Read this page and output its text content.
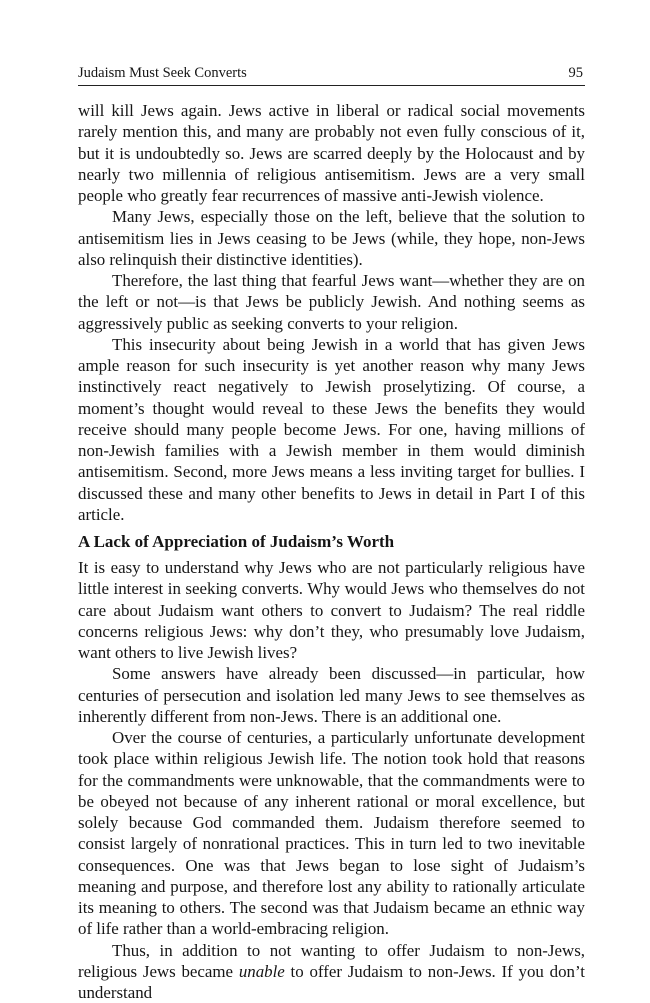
Judaism Must Seek Converts	95

will kill Jews again. Jews active in liberal or radical social movements rarely mention this, and many are probably not even fully conscious of it, but it is undoubtedly so. Jews are scarred deeply by the Holocaust and by nearly two millennia of religious antisemitism. Jews are a very small people who greatly fear recurrences of massive anti-Jewish violence.

Many Jews, especially those on the left, believe that the solution to antisemitism lies in Jews ceasing to be Jews (while, they hope, non-Jews also relinquish their distinctive identities).

Therefore, the last thing that fearful Jews want—whether they are on the left or not—is that Jews be publicly Jewish. And nothing seems as aggressively public as seeking converts to your religion.

This insecurity about being Jewish in a world that has given Jews ample reason for such insecurity is yet another reason why many Jews instinctively react negatively to Jewish proselytizing. Of course, a moment’s thought would reveal to these Jews the benefits they would receive should many people become Jews. For one, having millions of non-Jewish families with a Jewish member in them would diminish antisemitism. Second, more Jews means a less inviting target for bullies. I discussed these and many other benefits to Jews in detail in Part I of this article.

A Lack of Appreciation of Judaism’s Worth

It is easy to understand why Jews who are not particularly religious have little interest in seeking converts. Why would Jews who themselves do not care about Judaism want others to convert to Judaism? The real riddle concerns religious Jews: why don’t they, who presumably love Judaism, want others to live Jewish lives?

Some answers have already been discussed—in particular, how centuries of persecution and isolation led many Jews to see themselves as inherently different from non-Jews. There is an additional one.

Over the course of centuries, a particularly unfortunate development took place within religious Jewish life. The notion took hold that reasons for the commandments were unknowable, that the commandments were to be obeyed not because of any inherent rational or moral excellence, but solely because God commanded them. Judaism therefore seemed to consist largely of nonrational practices. This in turn led to two inevitable consequences. One was that Jews began to lose sight of Judaism’s meaning and purpose, and therefore lost any ability to rationally articulate its meaning to others. The second was that Judaism became an ethnic way of life rather than a world-embracing religion.

Thus, in addition to not wanting to offer Judaism to non-Jews, religious Jews became unable to offer Judaism to non-Jews. If you don’t understand
